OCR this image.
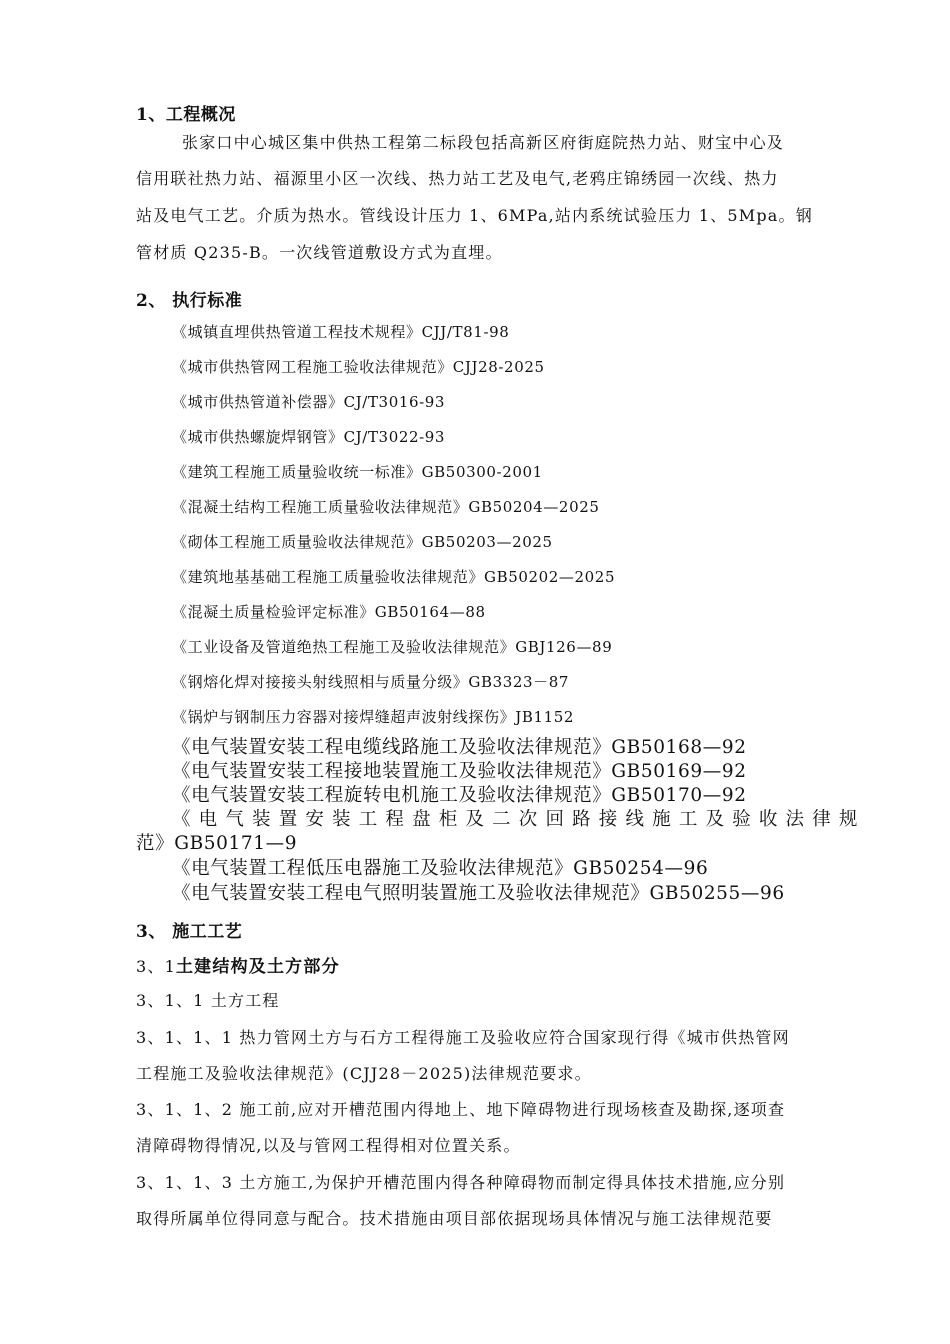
1、工程概况
张家口中心城区集中供热工程第二标段包括高新区府街庭院热力站、财宝中心及
信用联社热力站、福源里小区一次线、热力站工艺及电气,老鸦庄锦绣园一次线、热力
站及电气工艺。介质为热水。管线设计压力 1、6MPa,站内系统试验压力 1、5Mpa。钢
管材质 Q235-B。一次线管道敷设方式为直埋。
2、 执行标准
《城镇直埋供热管道工程技术规程》CJJ/T81-98
《城市供热管网工程施工验收法律规范》CJJ28-2025
《城市供热管道补偿器》CJ/T3016-93
《城市供热螺旋焊钢管》CJ/T3022-93
《建筑工程施工质量验收统一标准》GB50300-2001
《混凝土结构工程施工质量验收法律规范》GB50204—2025
《砌体工程施工质量验收法律规范》GB50203—2025
《建筑地基基础工程施工质量验收法律规范》GB50202—2025
《混凝土质量检验评定标准》GB50164—88
《工业设备及管道绝热工程施工及验收法律规范》GBJ126—89
《钢熔化焊对接接头射线照相与质量分级》GB3323－87
《锅炉与钢制压力容器对接焊缝超声波射线探伤》JB1152
《电气装置安装工程电缆线路施工及验收法律规范》GB50168—92
《电气装置安装工程接地装置施工及验收法律规范》GB50169—92
《电气装置安装工程旋转电机施工及验收法律规范》GB50170—92
《电气装置安装工程盘柜及二次回路接线施工及验收法律规
范》GB50171—9
《电气装置工程低压电器施工及验收法律规范》GB50254—96
《电气装置安装工程电气照明装置施工及验收法律规范》GB50255—96
3、 施工工艺
3、1土建结构及土方部分
3、1、1 土方工程
3、1、1、1 热力管网土方与石方工程得施工及验收应符合国家现行得《城市供热管网
工程施工及验收法律规范》(CJJ28－2025)法律规范要求。
3、1、1、2 施工前,应对开槽范围内得地上、地下障碍物进行现场核查及勘探,逐项查
清障碍物得情况,以及与管网工程得相对位置关系。
3、1、1、3 土方施工,为保护开槽范围内得各种障碍物而制定得具体技术措施,应分别
取得所属单位得同意与配合。技术措施由项目部依据现场具体情况与施工法律规范要
